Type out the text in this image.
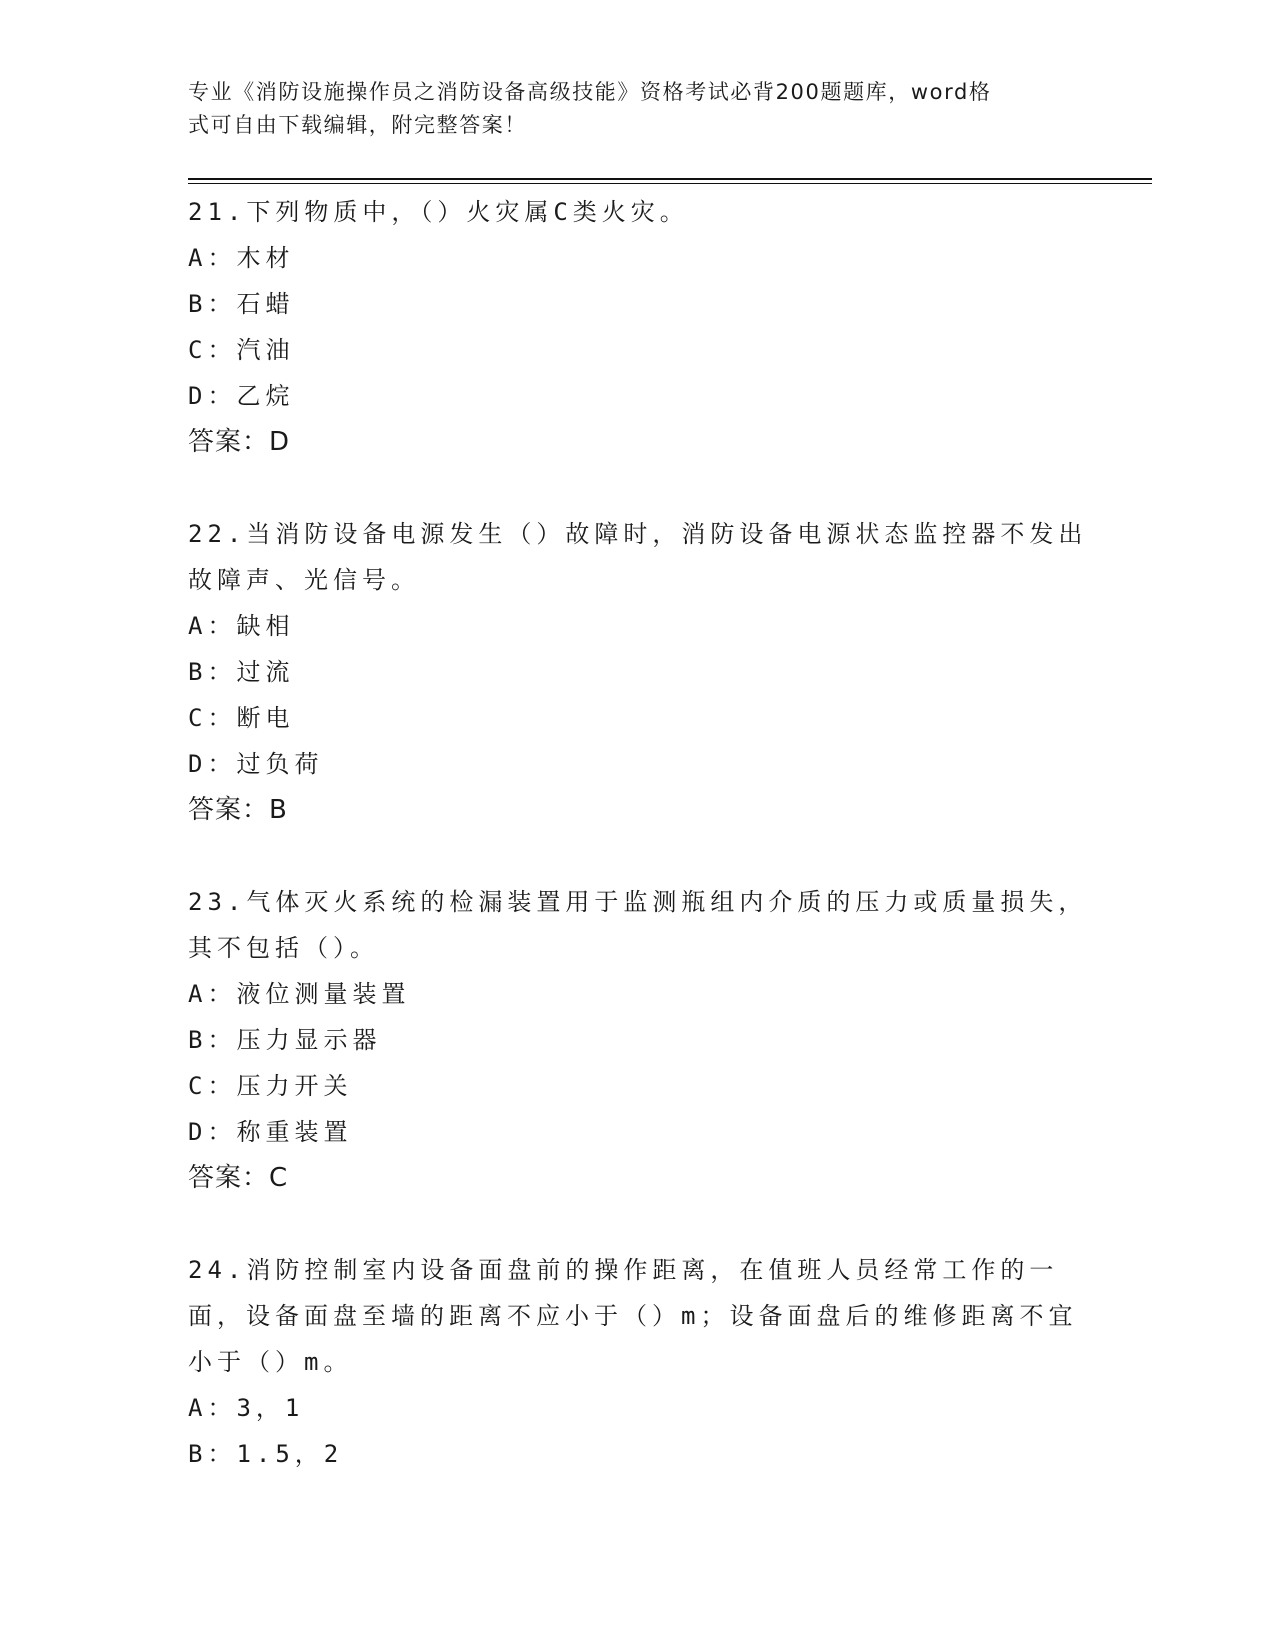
专业《消防设施操作员之消防设备高级技能》资格考试必背200题题库，word格
式可自由下载编辑，附完整答案！
21.下列物质中，（）火灾属C类火灾。
A：木材
B：石蜡
C：汽油
D：乙烷
答案：D
22.当消防设备电源发生（）故障时，消防设备电源状态监控器不发出故障声、光信号。
A：缺相
B：过流
C：断电
D：过负荷
答案：B
23.气体灭火系统的检漏装置用于监测瓶组内介质的压力或质量损失，其不包括（）。
A：液位测量装置
B：压力显示器
C：压力开关
D：称重装置
答案：C
24.消防控制室内设备面盘前的操作距离，在值班人员经常工作的一面，设备面盘至墙的距离不应小于（）m；设备面盘后的维修距离不宜小于（）m。
A：3，1
B：1.5，2
